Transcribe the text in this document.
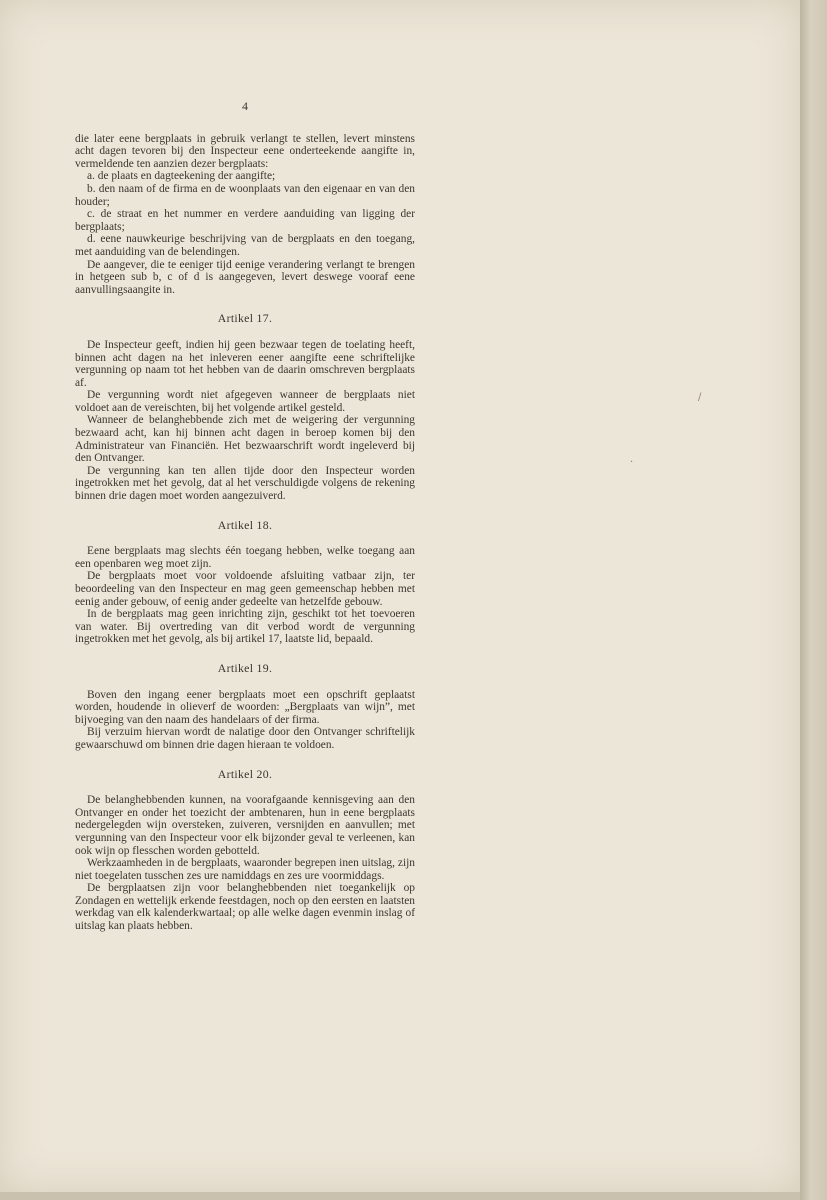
4

die later eene bergplaats in gebruik verlangt te stellen, levert minstens acht dagen tevoren bij den Inspecteur eene onderteekende aangifte in, vermeldende ten aanzien dezer bergplaats:

a. de plaats en dagteekening der aangifte;

b. den naam of de firma en de woonplaats van den eigenaar en van den houder;

c. de straat en het nummer en verdere aanduiding van ligging der bergplaats;

d. eene nauwkeurige beschrijving van de bergplaats en den toegang, met aanduiding van de belendingen.

De aangever, die te eeniger tijd eenige verandering verlangt te brengen in hetgeen sub b, c of d is aangegeven, levert deswege vooraf eene aanvullingsaangite in.

Artikel 17.

De Inspecteur geeft, indien hij geen bezwaar tegen de toelating heeft, binnen acht dagen na het inleveren eener aangifte eene schriftelijke vergunning op naam tot het hebben van de daarin omschreven bergplaats af.

De vergunning wordt niet afgegeven wanneer de bergplaats niet voldoet aan de vereischten, bij het volgende artikel gesteld.

Wanneer de belanghebbende zich met de weigering der vergunning bezwaard acht, kan hij binnen acht dagen in beroep komen bij den Administrateur van Financiën. Het bezwaarschrift wordt ingeleverd bij den Ontvanger.

De vergunning kan ten allen tijde door den Inspecteur worden ingetrokken met het gevolg, dat al het verschuldigde volgens de rekening binnen drie dagen moet worden aangezuiverd.

Artikel 18.

Eene bergplaats mag slechts één toegang hebben, welke toegang aan een openbaren weg moet zijn.

De bergplaats moet voor voldoende afsluiting vatbaar zijn, ter beoordeeling van den Inspecteur en mag geen gemeenschap hebben met eenig ander gebouw, of eenig ander gedeelte van hetzelfde gebouw.

In de bergplaats mag geen inrichting zijn, geschikt tot het toevoeren van water. Bij overtreding van dit verbod wordt de vergunning ingetrokken met het gevolg, als bij artikel 17, laatste lid, bepaald.

Artikel 19.

Boven den ingang eener bergplaats moet een opschrift geplaatst worden, houdende in olieverf de woorden: „Bergplaats van wijn”, met bijvoeging van den naam des handelaars of der firma.

Bij verzuim hiervan wordt de nalatige door den Ontvanger schriftelijk gewaarschuwd om binnen drie dagen hieraan te voldoen.

Artikel 20.

De belanghebbenden kunnen, na voorafgaande kennisgeving aan den Ontvanger en onder het toezicht der ambtenaren, hun in eene bergplaats nedergelegden wijn oversteken, zuiveren, versnijden en aanvullen; met vergunning van den Inspecteur voor elk bijzonder geval te verleenen, kan ook wijn op flesschen worden gebotteld.

Werkzaamheden in de bergplaats, waaronder begrepen inen uitslag, zijn niet toegelaten tusschen zes ure namiddags en zes ure voormiddags.

De bergplaatsen zijn voor belanghebbenden niet toegankelijk op Zondagen en wettelijk erkende feestdagen, noch op den eersten en laatsten werkdag van elk kalenderkwartaal; op alle welke dagen evenmin inslag of uitslag kan plaats hebben.

/
·
